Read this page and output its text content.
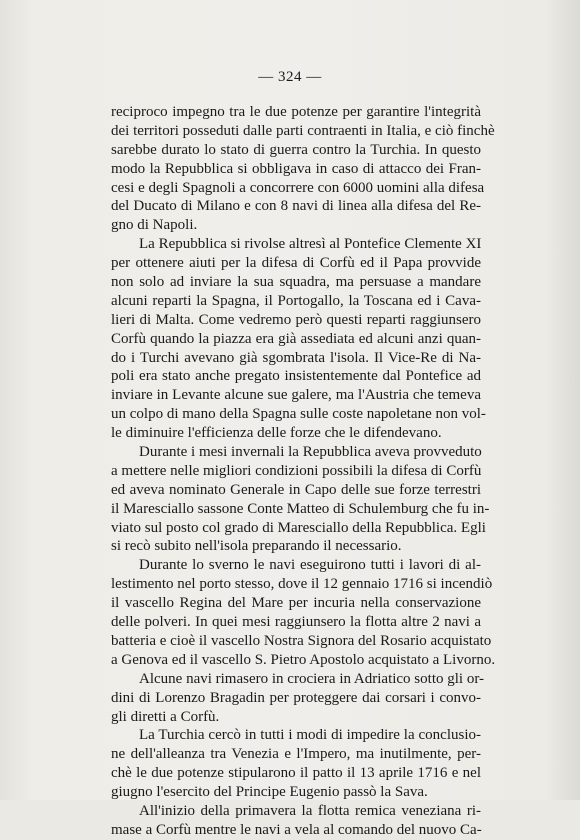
— 324 —
reciproco impegno tra le due potenze per garantire l'integrità
dei territori posseduti dalle parti contraenti in Italia, e ciò finchè
sarebbe durato lo stato di guerra contro la Turchia. In questo
modo la Repubblica si obbligava in caso di attacco dei Fran-
cesi e degli Spagnoli a concorrere con 6000 uomini alla difesa
del Ducato di Milano e con 8 navi di linea alla difesa del Re-
gno di Napoli.
La Repubblica si rivolse altresì al Pontefice Clemente XI
per ottenere aiuti per la difesa di Corfù ed il Papa provvide
non solo ad inviare la sua squadra, ma persuase a mandare
alcuni reparti la Spagna, il Portogallo, la Toscana ed i Cava-
lieri di Malta. Come vedremo però questi reparti raggiunsero
Corfù quando la piazza era già assediata ed alcuni anzi quan-
do i Turchi avevano già sgombrata l'isola. Il Vice-Re di Na-
poli era stato anche pregato insistentemente dal Pontefice ad
inviare in Levante alcune sue galere, ma l'Austria che temeva
un colpo di mano della Spagna sulle coste napoletane non vol-
le diminuire l'efficienza delle forze che le difendevano.
Durante i mesi invernali la Repubblica aveva provveduto
a mettere nelle migliori condizioni possibili la difesa di Corfù
ed aveva nominato Generale in Capo delle sue forze terrestri
il Maresciallo sassone Conte Matteo di Schulemburg che fu in-
viato sul posto col grado di Maresciallo della Repubblica. Egli
si recò subito nell'isola preparando il necessario.
Durante lo sverno le navi eseguirono tutti i lavori di al-
lestimento nel porto stesso, dove il 12 gennaio 1716 si incendiò
il vascello Regina del Mare per incuria nella conservazione
delle polveri. In quei mesi raggiunsero la flotta altre 2 navi a
batteria e cioè il vascello Nostra Signora del Rosario acquistato
a Genova ed il vascello S. Pietro Apostolo acquistato a Livorno.
Alcune navi rimasero in crociera in Adriatico sotto gli or-
dini di Lorenzo Bragadin per proteggere dai corsari i convo-
gli diretti a Corfù.
La Turchia cercò in tutti i modi di impedire la conclusio-
ne dell'alleanza tra Venezia e l'Impero, ma inutilmente, per-
chè le due potenze stipularono il patto il 13 aprile 1716 e nel
giugno l'esercito del Principe Eugenio passò la Sava.
All'inizio della primavera la flotta remica veneziana ri-
mase a Corfù mentre le navi a vela al comando del nuovo Ca-
